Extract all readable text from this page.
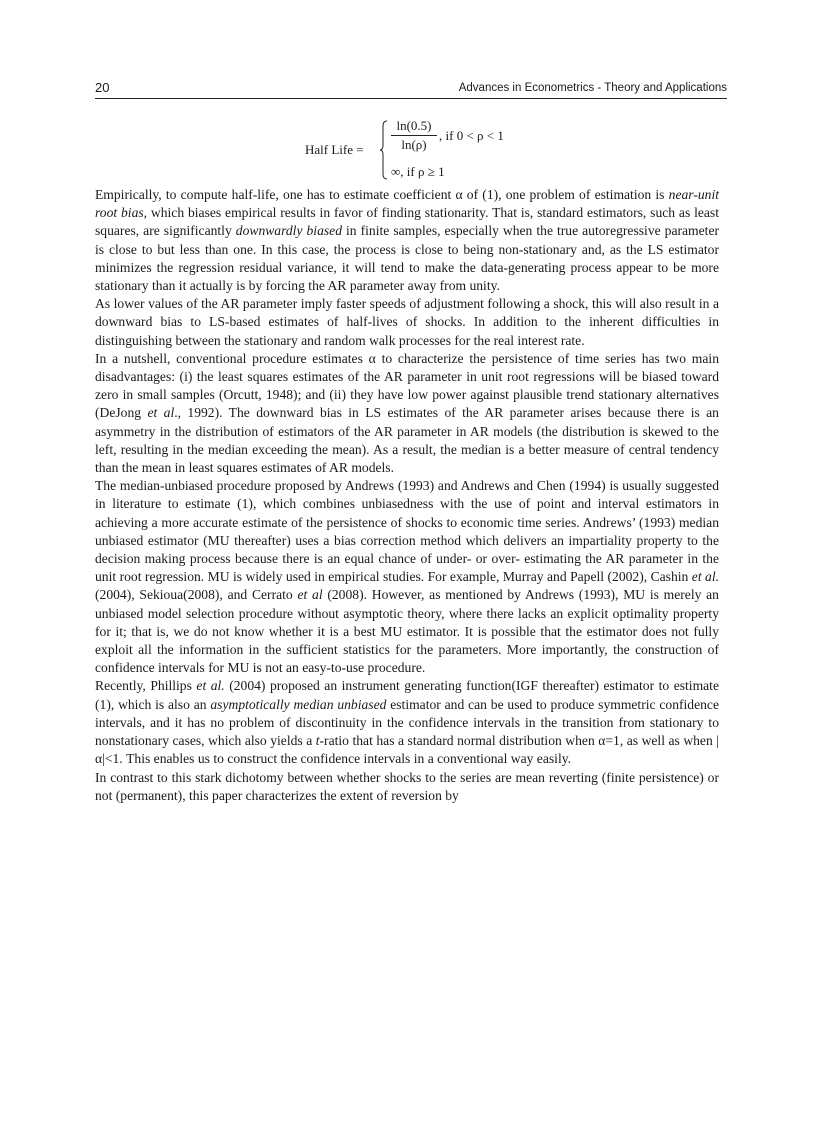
20	Advances in Econometrics - Theory and Applications
Half Life = $\frac{\ln(0.5)}{\ln(\rho)}$ , if 0 < ρ < 1
∞, if ρ ≥ 1

Empirically, to compute half-life, one has to estimate coefficient α of (1), one problem of estimation is near-unit root bias, which biases empirical results in favor of finding stationarity. That is, standard estimators, such as least squares, are significantly downwardly biased in finite samples, especially when the true autoregressive parameter is close to but less than one. In this case, the process is close to being non-stationary and, as the LS estimator minimizes the regression residual variance, it will tend to make the data-generating process appear to be more stationary than it actually is by forcing the AR parameter away from unity.

As lower values of the AR parameter imply faster speeds of adjustment following a shock, this will also result in a downward bias to LS-based estimates of half-lives of shocks. In addition to the inherent difficulties in distinguishing between the stationary and random walk processes for the real interest rate.

In a nutshell, conventional procedure estimates α to characterize the persistence of time series has two main disadvantages: (i) the least squares estimates of the AR parameter in unit root regressions will be biased toward zero in small samples (Orcutt, 1948); and (ii) they have low power against plausible trend stationary alternatives (DeJong et al., 1992). The downward bias in LS estimates of the AR parameter arises because there is an asymmetry in the distribution of estimators of the AR parameter in AR models (the distribution is skewed to the left, resulting in the median exceeding the mean). As a result, the median is a better measure of central tendency than the mean in least squares estimates of AR models.

The median-unbiased procedure proposed by Andrews (1993) and Andrews and Chen (1994) is usually suggested in literature to estimate (1), which combines unbiasedness with the use of point and interval estimators in achieving a more accurate estimate of the persistence of shocks to economic time series. Andrews’ (1993) median unbiased estimator (MU thereafter) uses a bias correction method which delivers an impartiality property to the decision making process because there is an equal chance of under- or over- estimating the AR parameter in the unit root regression. MU is widely used in empirical studies. For example, Murray and Papell (2002), Cashin et al. (2004), Sekioua(2008), and Cerrato et al (2008). However, as mentioned by Andrews (1993), MU is merely an unbiased model selection procedure without asymptotic theory, where there lacks an explicit optimality property for it; that is, we do not know whether it is a best MU estimator. It is possible that the estimator does not fully exploit all the information in the sufficient statistics for the parameters. More importantly, the construction of confidence intervals for MU is not an easy-to-use procedure.

Recently, Phillips et al. (2004) proposed an instrument generating function(IGF thereafter) estimator to estimate (1), which is also an asymptotically median unbiased estimator and can be used to produce symmetric confidence intervals, and it has no problem of discontinuity in the confidence intervals in the transition from stationary to nonstationary cases, which also yields a t-ratio that has a standard normal distribution when α=1, as well as when |α|<1. This enables us to construct the confidence intervals in a conventional way easily.

In contrast to this stark dichotomy between whether shocks to the series are mean reverting (finite persistence) or not (permanent), this paper characterizes the extent of reversion by
